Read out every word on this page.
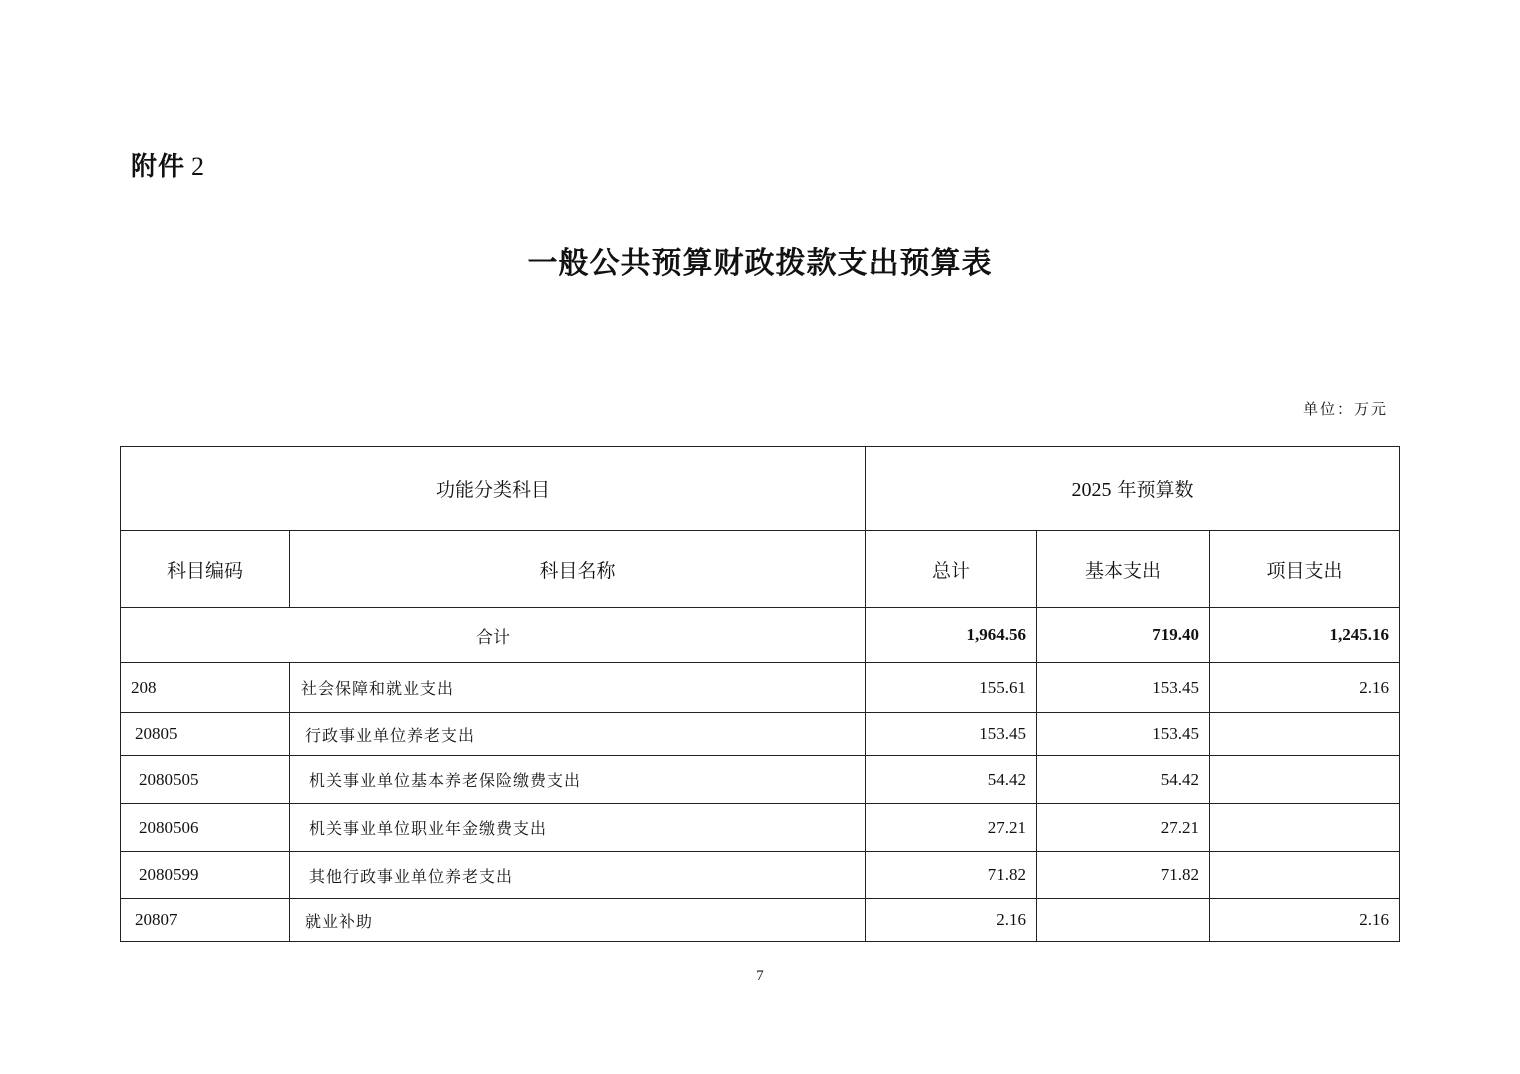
附件 2
一般公共预算财政拨款支出预算表
单位：万元
功能分类科目		2025 年预算数		
科目编码	科目名称	总计	基本支出	项目支出
合计		1,964.56	719.40	1,245.16
208	社会保障和就业支出	155.61	153.45	2.16
20805	行政事业单位养老支出	153.45	153.45	
2080505	机关事业单位基本养老保险缴费支出	54.42	54.42	
2080506	机关事业单位职业年金缴费支出	27.21	27.21	
2080599	其他行政事业单位养老支出	71.82	71.82	
20807	就业补助	2.16		2.16
7
